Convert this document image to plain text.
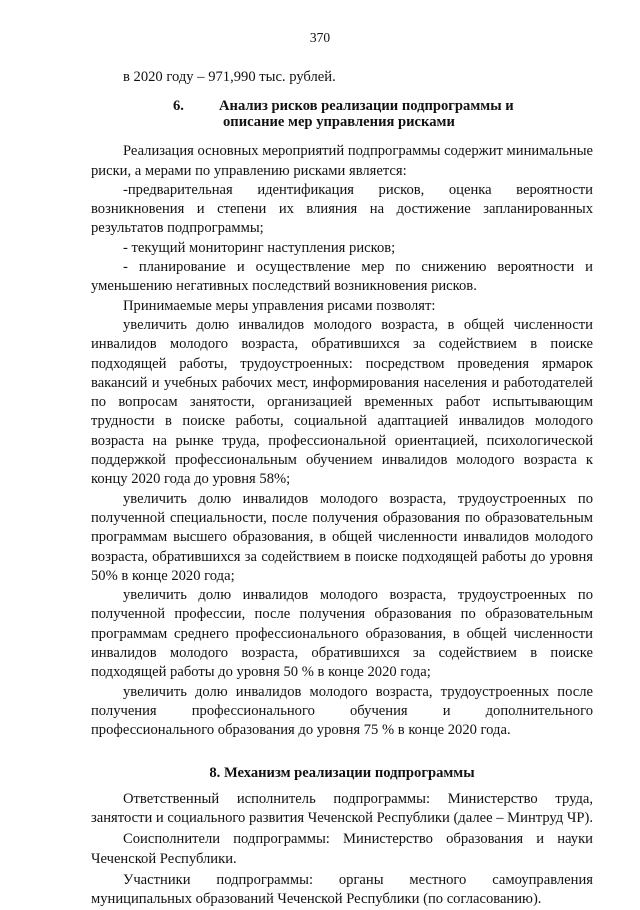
370

в 2020 году – 971,990 тыс. рублей.

6. Анализ рисков реализации подпрограммы и
описание мер управления рисками

Реализация основных мероприятий подпрограммы содержит минимальные риски, а мерами по управлению рисками является:

-предварительная идентификация рисков, оценка вероятности возникновения и степени их влияния на достижение запланированных результатов подпрограммы;

- текущий мониторинг наступления рисков;

- планирование и осуществление мер по снижению вероятности и уменьшению негативных последствий возникновения рисков.

Принимаемые меры управления рисами позволят:

увеличить долю инвалидов молодого возраста, в общей численности инвалидов молодого возраста, обратившихся за содействием в поиске подходящей работы, трудоустроенных: посредством проведения ярмарок вакансий и учебных рабочих мест, информирования населения и работодателей по вопросам занятости, организацией временных работ испытывающим трудности в поиске работы, социальной адаптацией инвалидов молодого возраста на рынке труда, профессиональной ориентацией, психологической поддержкой профессиональным обучением инвалидов молодого возраста к концу 2020 года до уровня 58%;

увеличить долю инвалидов молодого возраста, трудоустроенных по полученной специальности, после получения образования по образовательным программам высшего образования, в общей численности инвалидов молодого возраста, обратившихся за содействием в поиске подходящей работы до уровня 50% в конце 2020 года;

увеличить долю инвалидов молодого возраста, трудоустроенных по полученной профессии, после получения образования по образовательным программам среднего профессионального образования, в общей численности инвалидов молодого возраста, обратившихся за содействием в поиске подходящей работы до уровня 50 % в конце 2020 года;

увеличить долю инвалидов молодого возраста, трудоустроенных после получения профессионального обучения и дополнительного профессионального образования до уровня 75 % в конце 2020 года.

8. Механизм реализации подпрограммы

Ответственный исполнитель подпрограммы: Министерство труда, занятости и социального развития Чеченской Республики (далее – Минтруд ЧР).

Соисполнители подпрограммы: Министерство образования и науки Чеченской Республики.

Участники подпрограммы: органы местного самоуправления муниципальных образований Чеченской Республики (по согласованию).
